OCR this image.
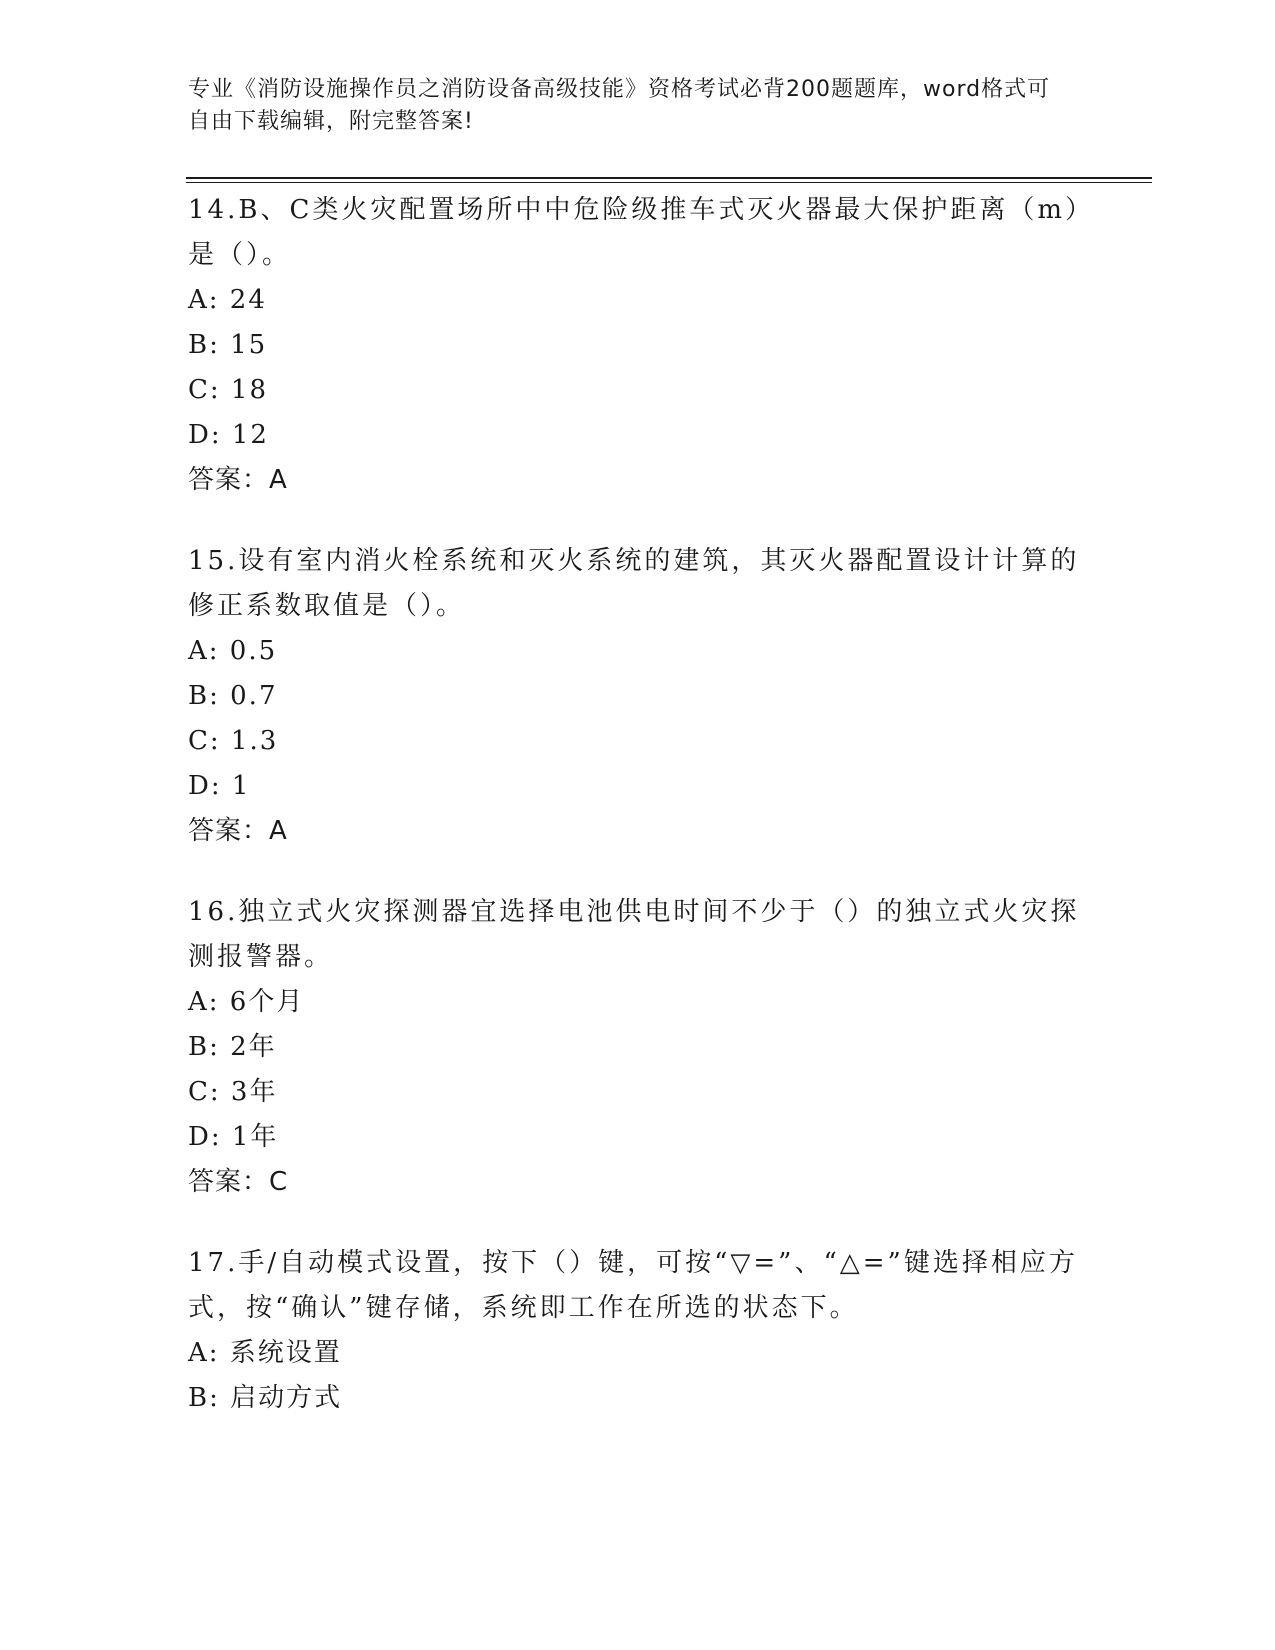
专业《消防设施操作员之消防设备高级技能》资格考试必背200题题库，word格式可自由下载编辑，附完整答案!

14.B、C类火灾配置场所中中危险级推车式灭火器最大保护距离（m）是（）。

A: 24

B: 15

C: 18

D: 12

答案：A

15.设有室内消火栓系统和灭火系统的建筑，其灭火器配置设计计算的修正系数取值是（）。

A: 0.5

B: 0.7

C: 1.3

D: 1

答案：A

16.独立式火灾探测器宜选择电池供电时间不少于（）的独立式火灾探测报警器。

A: 6个月

B: 2年

C: 3年

D: 1年

答案：C

17.手/自动模式设置，按下（）键，可按“▽=”、“△=”键选择相应方式，按“确认”键存储，系统即工作在所选的状态下。

A: 系统设置

B: 启动方式
